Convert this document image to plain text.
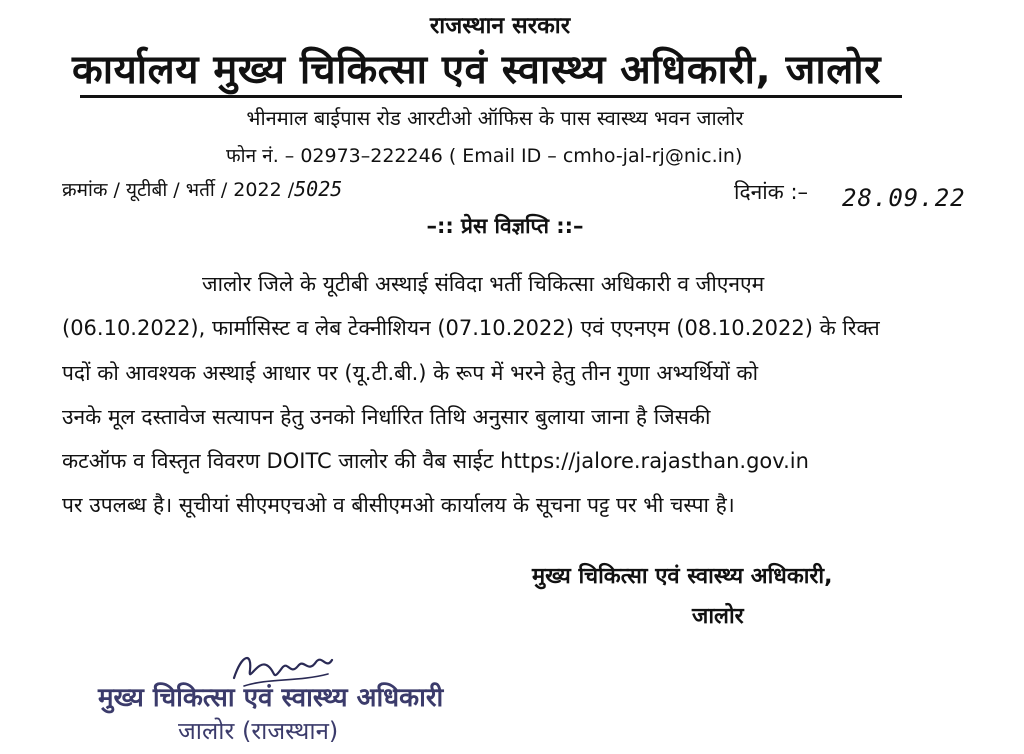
राजस्थान सरकार
कार्यालय मुख्य चिकित्सा एवं स्वास्थ्य अधिकारी, जालोर
भीनमाल बाईपास रोड आरटीओ ऑफिस के पास स्वास्थ्य भवन जालोर
फोन नं. – 02973–222246 ( Email ID – cmho-jal-rj@nic.in)
क्रमांक / यूटीबी / भर्ती / 2022 /5025	दिनांक :– 28.09.22
–:: प्रेस विज्ञप्ति ::–
जालोर जिले के यूटीबी अस्थाई संविदा भर्ती चिकित्सा अधिकारी व जीएनएम
(06.10.2022), फार्मासिस्ट व लेब टेक्नीशियन (07.10.2022) एवं एएनएम (08.10.2022) के रिक्त
पदों को आवश्यक अस्थाई आधार पर (यू.टी.बी.) के रूप में भरने हेतु तीन गुणा अभ्यर्थियों को
उनके मूल दस्तावेज सत्यापन हेतु उनको निर्धारित तिथि अनुसार बुलाया जाना है जिसकी
कटऑफ व विस्तृत विवरण DOITC जालोर की वैब साईट https://jalore.rajasthan.gov.in
पर उपलब्ध है। सूचीयां सीएमएचओ व बीसीएमओ कार्यालय के सूचना पट्ट पर भी चस्पा है।
मुख्य चिकित्सा एवं स्वास्थ्य अधिकारी,
जालोर
मुख्य चिकित्सा एवं स्वास्थ्य अधिकारी
जालोर (राजस्थान)
